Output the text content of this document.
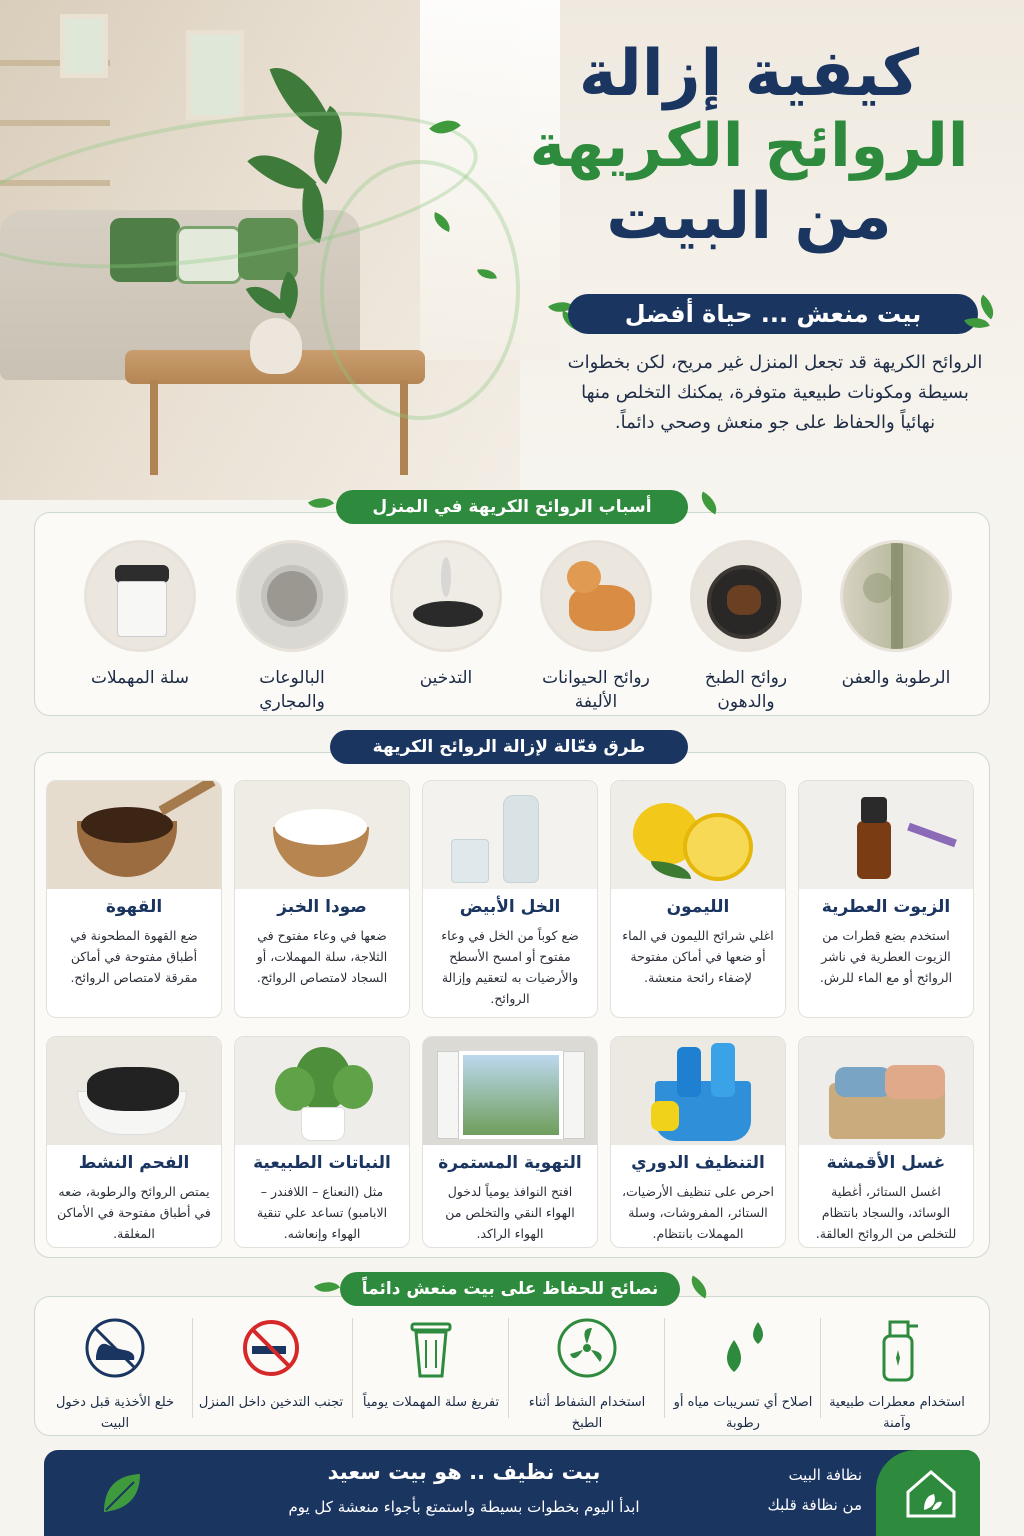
كيفية إزالة
الروائح الكريهة
من البيت
بيت منعش ... حياة أفضل
الروائح الكريهة قد تجعل المنزل غير مريح، لكن بخطوات بسيطة ومكونات طبيعية متوفرة، يمكنك التخلص منها نهائياً والحفاظ على جو منعش وصحي دائماً.
أسباب الروائح الكريهة في المنزل
الرطوبة والعفن
روائح الطبخ والدهون
روائح الحيوانات الأليفة
التدخين
البالوعات والمجاري
سلة المهملات
طرق فعّالة لإزالة الروائح الكريهة
الزيوت العطرية
استخدم بضع قطرات من الزيوت العطرية في ناشر الروائح أو مع الماء للرش.
الليمون
اغلي شرائح الليمون في الماء أو ضعها في أماكن مفتوحة لإضفاء رائحة منعشة.
الخل الأبيض
ضع كوباً من الخل في وعاء مفتوح أو امسح الأسطح والأرضيات به لتعقيم وإزالة الروائح.
صودا الخبز
ضعها في وعاء مفتوح في الثلاجة، سلة المهملات، أو السجاد لامتصاص الروائح.
القهوة
ضع القهوة المطحونة في أطباق مفتوحة في أماكن مقرقة لامتصاص الروائح.
غسل الأقمشة
اغسل الستائر، أغطية الوسائد، والسجاد بانتظام للتخلص من الروائح العالقة.
التنظيف الدوري
احرص على تنظيف الأرضيات، الستائر، المفروشات، وسلة المهملات بانتظام.
التهوية المستمرة
افتح النوافذ يومياً لدخول الهواء النقي والتخلص من الهواء الراكد.
النباتات الطبيعية
مثل (النعناع – اللافندر – الابامبو) تساعد علي تنقية الهواء وإنعاشه.
الفحم النشط
يمتص الروائح والرطوبة، ضعه في أطباق مفتوحة في الأماكن المغلقة.
نصائح للحفاظ على بيت منعش دائماً
استخدام معطرات طبيعية وآمنة
اصلاح أي تسريبات مياه أو رطوبة
استخدام الشفاط أثناء الطبخ
تفريغ سلة المهملات يومياً
تجنب التدخين داخل المنزل
خلع الأخذية قبل دخول البيت
بيت نظيف .. هو بيت سعيد
ابدأ اليوم بخطوات بسيطة واستمتع بأجواء منعشة كل يوم
نظافة البيت
من نظافة قلبك
